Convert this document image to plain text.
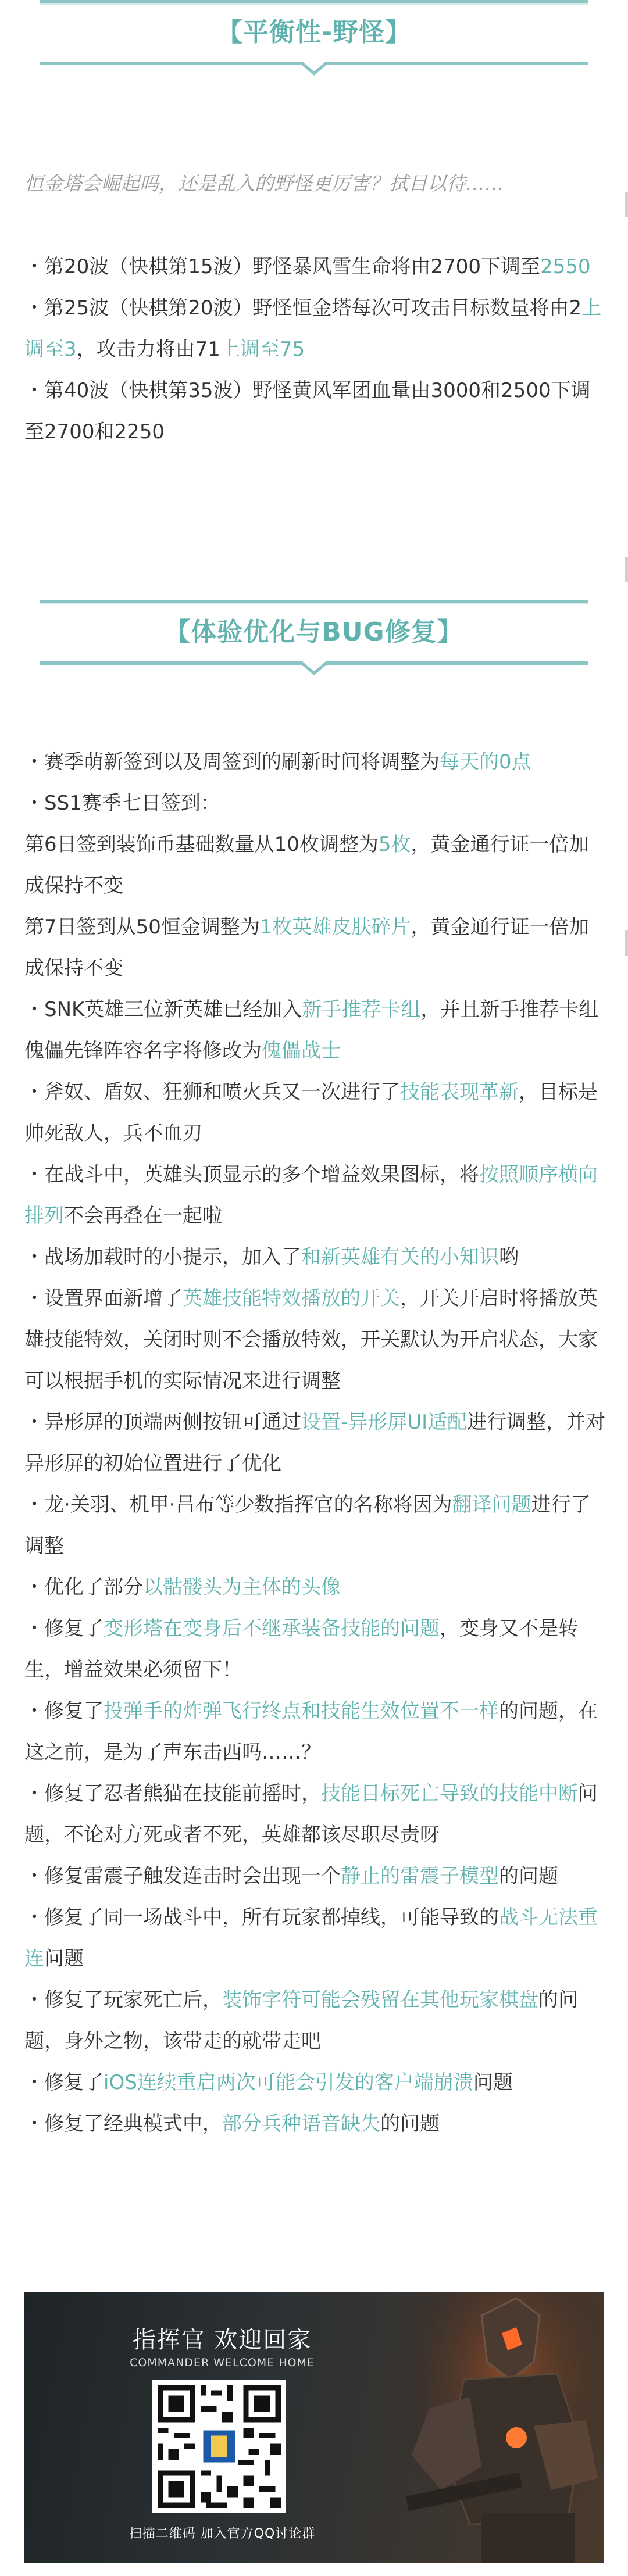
【平衡性-野怪】
恒金塔会崛起吗，还是乱入的野怪更厉害？拭目以待……

・第20波（快棋第15波）野怪暴风雪生命将由2700下调至2550

・第25波（快棋第20波）野怪恒金塔每次可攻击目标数量将由2上调至3，攻击力将由71上调至75

・第40波（快棋第35波）野怪黄风军团血量由3000和2500下调至2700和2250

【体验优化与BUG修复】

・赛季萌新签到以及周签到的刷新时间将调整为每天的0点

・SS1赛季七日签到：

第6日签到装饰币基础数量从10枚调整为5枚，黄金通行证一倍加成保持不变

第7日签到从50恒金调整为1枚英雄皮肤碎片，黄金通行证一倍加成保持不变

・SNK英雄三位新英雄已经加入新手推荐卡组，并且新手推荐卡组傀儡先锋阵容名字将修改为傀儡战士

・斧奴、盾奴、狂狮和喷火兵又一次进行了技能表现革新，目标是帅死敌人，兵不血刃

・在战斗中，英雄头顶显示的多个增益效果图标，将按照顺序横向排列不会再叠在一起啦

・战场加载时的小提示，加入了和新英雄有关的小知识哟

・设置界面新增了英雄技能特效播放的开关，开关开启时将播放英雄技能特效，关闭时则不会播放特效，开关默认为开启状态，大家可以根据手机的实际情况来进行调整

・异形屏的顶端两侧按钮可通过设置-异形屏UI适配进行调整，并对异形屏的初始位置进行了优化

・龙·关羽、机甲·吕布等少数指挥官的名称将因为翻译问题进行了调整

・优化了部分以骷髅头为主体的头像

・修复了变形塔在变身后不继承装备技能的问题，变身又不是转生，增益效果必须留下！

・修复了投弹手的炸弹飞行终点和技能生效位置不一样的问题，在这之前，是为了声东击西吗……？

・修复了忍者熊猫在技能前摇时，技能目标死亡导致的技能中断问题，不论对方死或者不死，英雄都该尽职尽责呀

・修复雷震子触发连击时会出现一个静止的雷震子模型的问题

・修复了同一场战斗中，所有玩家都掉线，可能导致的战斗无法重连问题

・修复了玩家死亡后，装饰字符可能会残留在其他玩家棋盘的问题，身外之物，该带走的就带走吧

・修复了iOS连续重启两次可能会引发的客户端崩溃问题

・修复了经典模式中，部分兵种语音缺失的问题

指挥官 欢迎回家
COMMANDER WELCOME HOME
扫描二维码 加入官方QQ讨论群
